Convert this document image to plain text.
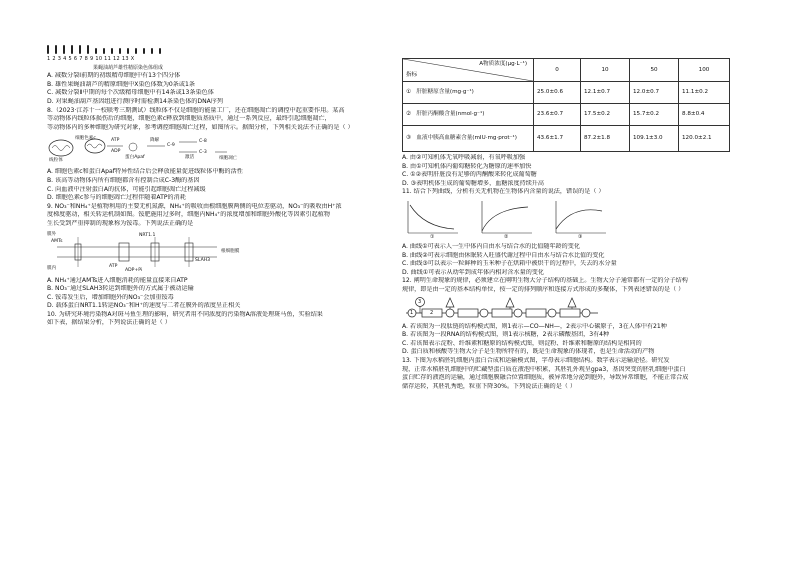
1 2 3 4 5 6 7 8 9 10 11 12 13 X
果蝇油葫芦雄性精原染色体组成
A. 减数分裂Ⅰ前期的初级精母细胞中有13个四分体
B. 雄性果蝇油葫芦的精原细胞中X染色体数为0条或1条
C. 减数分裂Ⅱ中期的每个次级精母细胞中有14条或13条染色体
D. 对果蝇油葫芦基因组进行测序时需检测14条染色体的DNA序列
8.（2023·江苏十一校联考三期测试）线粒体不仅是细胞的能量工厂，还在细胞凋亡的调控中起重要作用。某高
等动物体内线粒体损伤后的细胞，细胞色素c释放到细胞质基质中，通过一系列反应，最终引起细胞凋亡，
等动物体内的多种细胞为研究对象，参考调控细胞凋亡过程，如图所示。据图分析，下列相关说法不正确的是（ ）
线粒体
细胞色素c	ATP
ADP
蛋白Apaf
C-9
C-8
C-3
激活
降解
细胞凋亡
A. 细胞色素c和蛋白Apaf特异性结合后会释放能量促进线粒体中酶的活性
B. 该高等动物体内所有细胞都含有控制合成C-3酶的基因
C. 向血液中注射蛋白A的抗体，可能引起细胞凋亡过程减缓
D. 细胞色素c参与的细胞凋亡过程伴随着ATP的消耗
9. NO₃⁻和NH₄⁺是植物利用的主要无机氮源，NH₄⁺的吸收由根细胞膜两侧的电位差驱动，NO₃⁻的吸收由H⁺浓
度梯度驱动，相关转运机制如图。铵肥施用过多时，细胞内NH₄⁺的浓度增加和细胞外酸化等因素引起植物
生长受到严重抑制的现象称为铵毒。下列说法正确的是
AMTs
NRT1.1
SLAH3
ATP
ADP+Pi
根细胞膜
膜外
膜内
A. NH₄⁺通过AMTs进入细胞消耗的能量直接来自ATP
B. NO₃⁻通过SLAH3转运到细胞外的方式属于被动运输
C. 铵毒发生后，增加细胞外的NO₃⁻会加重铵毒
D. 载体蛋白NRT1.1转运NO₃⁻和H⁺的速度与二者在膜外的浓度呈正相关
10. 为研究环境污染物A对斑马鱼生理的影响，研究者用不同浓度的污染物A溶液处理斑马鱼，实验结果
如下表，据结果分析，下列说法正确的是（ ）
A物质浓度(μg·L⁻¹)
指标	0	10	50	100
① 肝脏糖原含量(mg·g⁻¹)	25.0±0.6	12.1±0.7	12.0±0.7	11.1±0.2
② 肝脏丙酮酸含量(nmol·g⁻¹)	23.6±0.7	17.5±0.2	15.7±0.2	8.8±0.4
③ 血液中胰高血糖素含量(mIU·mg·prot⁻¹)	43.6±1.7	87.2±1.8	109.1±3.0	120.0±2.1
A. 由②可知机体无氧呼吸减弱，有氧呼吸加强
B. 由①可知机体内葡萄糖转化为糖原的速率加快
C. ①②表明肝脏没有足够的丙酮酸来转化成葡萄糖
D. ③表明机体生成的葡萄糖增多，血糖浓度持续升高
11. 结合下列曲线，分析有关无机物在生物体内含量的说法，错误的是（ ）
①	②	③
A. 曲线①可表示人一生中体内自由水与结合水的比值随年龄的变化
B. 曲线②可表示细胞由休眠转入旺盛代谢过程中自由水与结合水比值的变化
C. 曲线③可以表示一粒鲜种的玉米种子在烘箱中被烘干的过程中，失去的水分量
D. 曲线①可表示从幼年到成年体内相对含水量的变化
12. 阐明生命现象的规律，必须建立在阐明生物大分子结构的基础上。生物大分子通常都有一定的分子结构
规律，即是由一定的基本结构单位，按一定的排列顺序和连接方式形成的多聚体，下列表述错误的是（ ）
3
1	2
A. 若该图为一段肽链的结构模式图，则1表示—CO—NH—，2表示中心碳原子，3在人体中有21种
B. 若该图为一段RNA的结构模式图，则1表示核糖，2表示磷酸基团，3有4种
C. 若该图表示淀粉、纤维素和糖原的结构模式图，则淀粉、纤维素和糖原的结构是相同的
D. 蛋白质和核酸等生物大分子是生物所特有的，既是生命现象的体现者，也是生命活动的产物
13. 下图为水稻胚乳细胞内蛋白合成和运输模式图，字母表示细胞结构。数字表示运输途径。研究发
现，正常水稻胚乳细胞中的贮藏型蛋白质在液泡中积累，其胚乳外观呈gpa3，基因突变的胚乳细胞中蛋白
蛋白贮存的液泡的运输，通过细胞膜融合位置细胞质，被异常地分泌到胞外，导致异常细胞，不能正常合成
储存运转，其胚乳秀绝，粒重下降30%。下列说法正确的是（ ）
